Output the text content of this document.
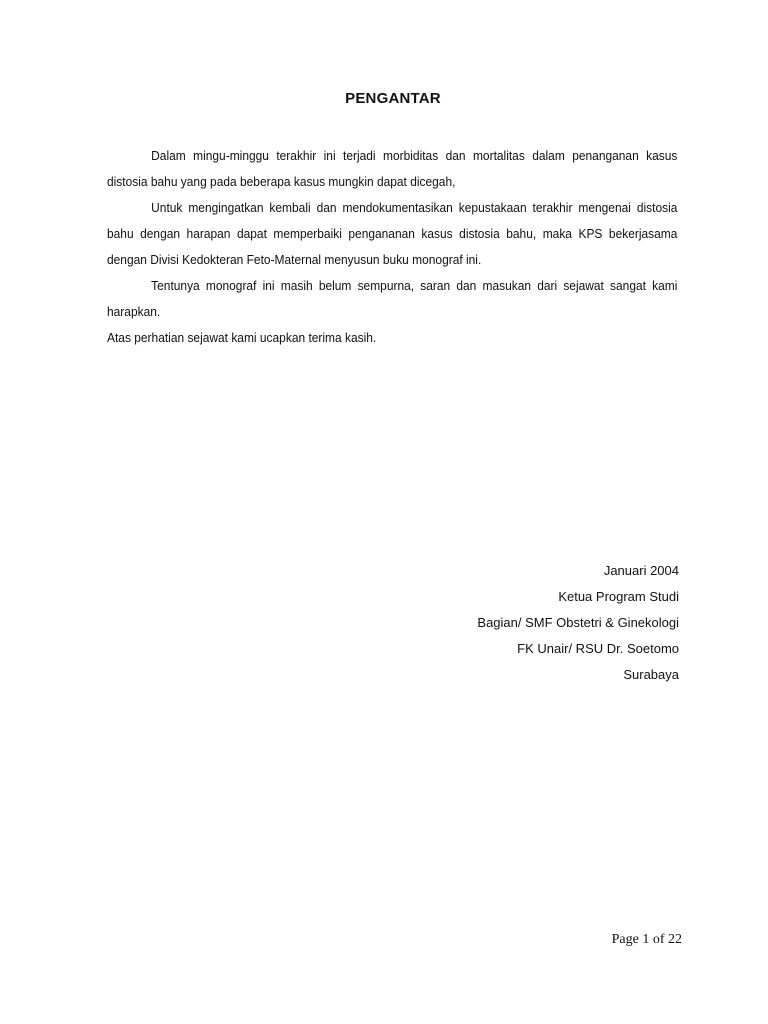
PENGANTAR

Dalam mingu-minggu terakhir ini terjadi morbiditas dan mortalitas dalam penanganan kasus distosia bahu yang pada beberapa kasus mungkin dapat dicegah,

Untuk mengingatkan kembali dan mendokumentasikan kepustakaan terakhir mengenai distosia bahu dengan harapan dapat memperbaiki pengananan kasus distosia bahu, maka KPS bekerjasama dengan Divisi Kedokteran Feto-Maternal menyusun buku monograf ini.

Tentunya monograf ini masih belum sempurna, saran dan masukan dari sejawat sangat kami harapkan.

Atas perhatian sejawat kami ucapkan terima kasih.

Januari 2004
Ketua Program Studi
Bagian/ SMF Obstetri & Ginekologi
FK Unair/ RSU Dr. Soetomo
Surabaya
Page 1 of 22
